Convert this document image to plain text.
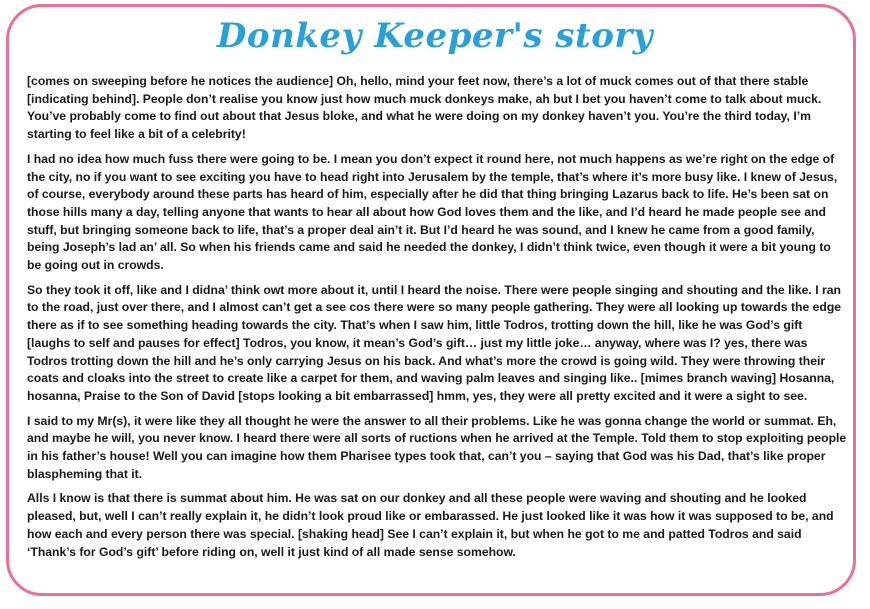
Donkey Keeper's story

[comes on sweeping before he notices the audience] Oh, hello, mind your feet now, there’s a lot of muck comes out of that there stable [indicating behind]. People don’t realise you know just how much muck donkeys make, ah but I bet you haven’t come to talk about muck. You’ve probably come to find out about that Jesus bloke, and what he were doing on my donkey haven’t you. You’re the third today, I’m starting to feel like a bit of a celebrity!

I had no idea how much fuss there were going to be. I mean you don’t expect it round here, not much happens as we’re right on the edge of the city, no if you want to see exciting you have to head right into Jerusalem by the temple, that’s where it’s more busy like. I knew of Jesus, of course, everybody around these parts has heard of him, especially after he did that thing bringing Lazarus back to life. He’s been sat on those hills many a day, telling anyone that wants to hear all about how God loves them and the like, and I’d heard he made people see and stuff, but bringing someone back to life, that’s a proper deal ain’t it. But I’d heard he was sound, and I knew he came from a good family, being Joseph’s lad an’ all. So when his friends came and said he needed the donkey, I didn’t think twice, even though it were a bit young to be going out in crowds.

So they took it off, like and I didna’ think owt more about it, until I heard the noise. There were people singing and shouting and the like. I ran to the road, just over there, and I almost can’t get a see cos there were so many people gathering. They were all looking up towards the edge there as if to see something heading towards the city. That’s when I saw him, little Todros, trotting down the hill, like he was God’s gift [laughs to self and pauses for effect] Todros, you know, it mean’s God’s gift… just my little joke… anyway, where was I? yes, there was Todros trotting down the hill and he’s only carrying Jesus on his back. And what’s more the crowd is going wild. They were throwing their coats and cloaks into the street to create like a carpet for them, and waving palm leaves and singing like.. [mimes branch waving] Hosanna, hosanna, Praise to the Son of David [stops looking a bit embarrassed] hmm, yes, they were all pretty excited and it were a sight to see.

I said to my Mr(s), it were like they all thought he were the answer to all their problems. Like he was gonna change the world or summat. Eh, and maybe he will, you never know. I heard there were all sorts of ructions when he arrived at the Temple. Told them to stop exploiting people in his father’s house! Well you can imagine how them Pharisee types took that, can’t you – saying that God was his Dad, that’s like proper blaspheming that it.

Alls I know is that there is summat about him. He was sat on our donkey and all these people were waving and shouting and he looked pleased, but, well I can’t really explain it, he didn’t look proud like or embarassed. He just looked like it was how it was supposed to be, and how each and every person there was special. [shaking head] See I can’t explain it, but when he got to me and patted Todros and said ‘Thank’s for God’s gift’ before riding on, well it just kind of all made sense somehow.
